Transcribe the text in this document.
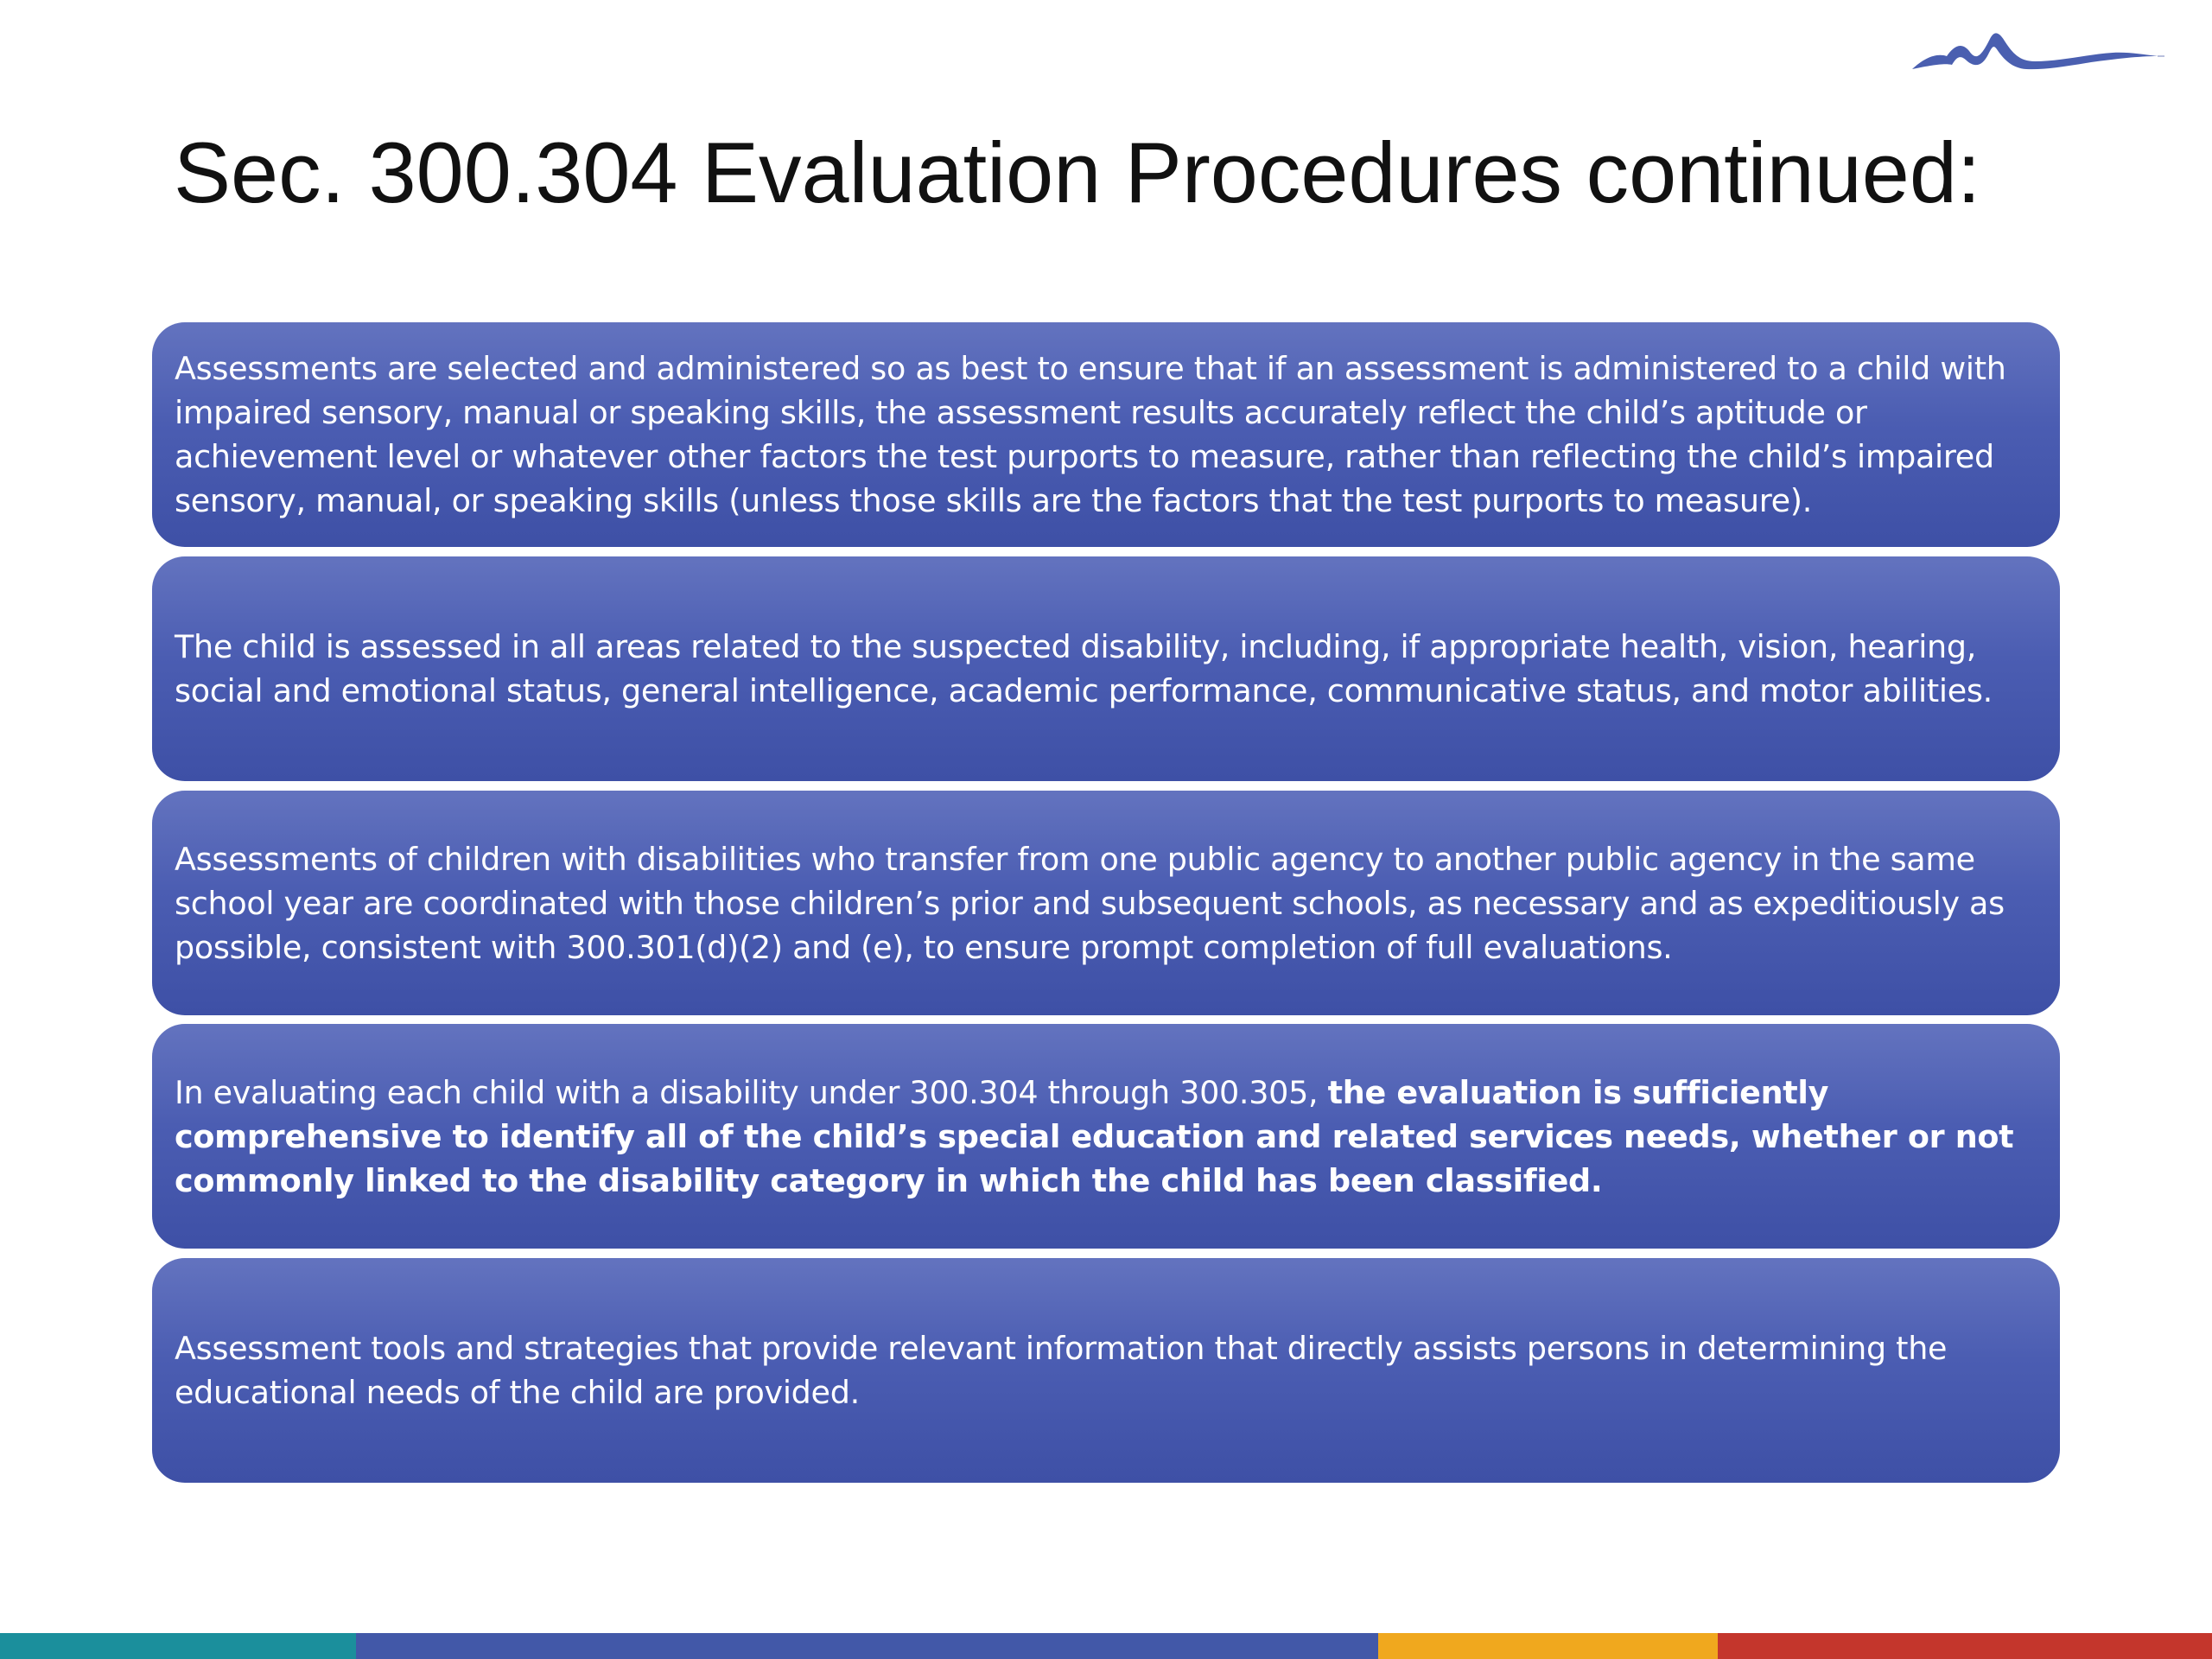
Sec. 300.304 Evaluation Procedures continued:

Assessments are selected and administered so as best to ensure that if an assessment is administered to a child with impaired sensory, manual or speaking skills, the assessment results accurately reflect the child’s aptitude or achievement level or whatever other factors the test purports to measure, rather than reflecting the child’s impaired sensory, manual, or speaking skills (unless those skills are the factors that the test purports to measure).

The child is assessed in all areas related to the suspected disability, including, if appropriate health, vision, hearing, social and emotional status, general intelligence, academic performance, communicative status, and motor abilities.

Assessments of children with disabilities who transfer from one public agency to another public agency in the same school year are coordinated with those children’s prior and subsequent schools, as necessary and as expeditiously as possible, consistent with 300.301(d)(2) and (e), to ensure prompt completion of full evaluations.

In evaluating each child with a disability under 300.304 through 300.305, the evaluation is sufficiently comprehensive to identify all of the child’s special education and related services needs, whether or not commonly linked to the disability category in which the child has been classified.

Assessment tools and strategies that provide relevant information that directly assists persons in determining the educational needs of the child are provided.
